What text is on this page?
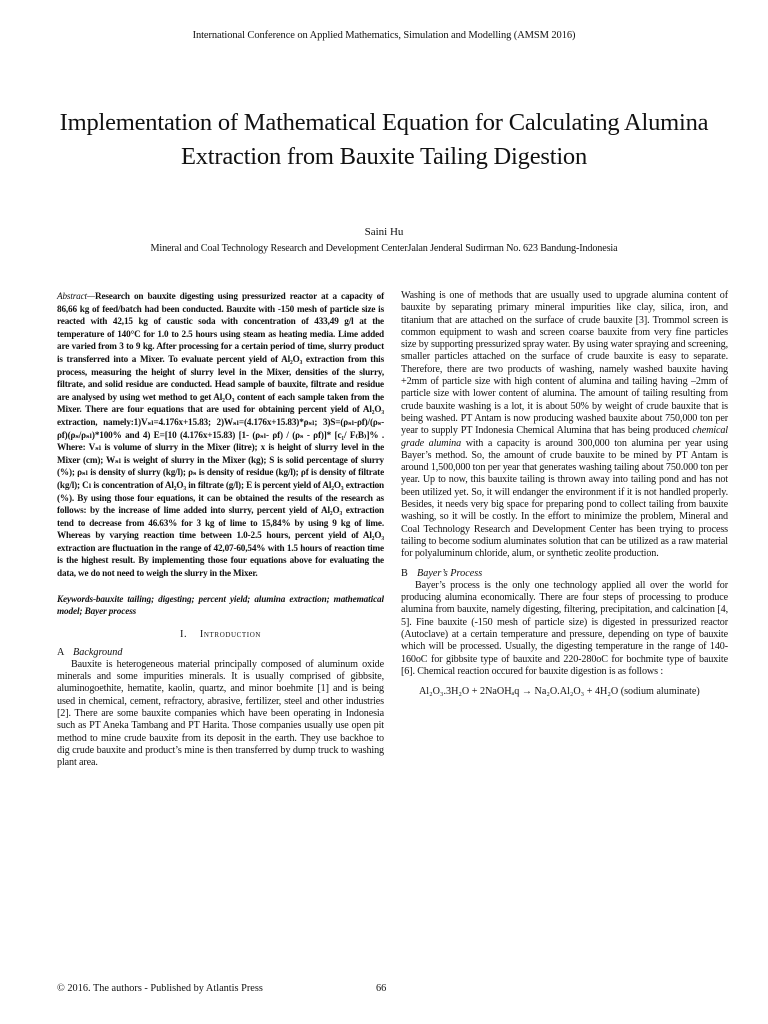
International Conference on Applied Mathematics, Simulation and Modelling (AMSM 2016)
Implementation of Mathematical Equation for Calculating Alumina Extraction from Bauxite Tailing Digestion
Saini Hu
Mineral and Coal Technology Research and Development CenterJalan Jenderal Sudirman No. 623 Bandung-Indonesia

Abstract—Research on bauxite digesting using pressurized reactor at a capacity of 86,66 kg of feed/batch had been conducted. Bauxite with -150 mesh of particle size is reacted with 42,15 kg of caustic soda with concentration of 433,49 g/l at the temperature of 140°C for 1.0 to 2.5 hours using steam as heating media. Lime added are varied from 3 to 9 kg. After processing for a certain period of time, slurry product is transferred into a Mixer. To evaluate percent yield of Al₂O₃ extraction from this process, measuring the height of slurry level in the Mixer, densities of the slurry, filtrate, and solid residue are conducted. Head sample of bauxite, filtrate and residue are analysed by using wet method to get Al₂O₃ content of each sample taken from the Mixer. There are four equations that are used for obtaining percent yield of Al₂O₃ extraction, namely:1)Vₛₗ=4.176x+15.83; 2)Wₛₗ=(4.176x+15.83)*ρₛₗ; 3)S=(ρₛₗ-ρf)/(ρₛ-ρf)(ρₛ/ρₛₗ)*100% and 4) E=[10 (4.176x+15.83) [1- (ρₛₗ- ρf) / (ρₛ - ρf)]* [c₁/ F₍B₎]% . Where: Vₛₗ is volume of slurry in the Mixer (litre); x is height of slurry level in the Mixer (cm); Wₛₗ is weight of slurry in the Mixer (kg); S is solid percentage of slurry (%); ρₛₗ is density of slurry (kg/l); ρₛ is density of residue (kg/l); ρf is density of filtrate (kg/l); Cₗ is concentration of Al₂O₃ in filtrate (g/l); E is percent yield of Al₂O₃ extraction (%). By using those four equations, it can be obtained the results of the research as follows: by the increase of lime added into slurry, percent yield of Al₂O₃ extraction tend to decrease from 46.63% for 3 kg of lime to 15,84% by using 9 kg of lime. Whereas by varying reaction time between 1.0-2.5 hours, percent yield of Al₂O₃ extraction are fluctuation in the range of 42,07-60,54% with 1.5 hours of reaction time is the highest result. By implementing those four equations above for evaluating the data, we do not need to weigh the slurry in the Mixer.

Keywords-bauxite tailing; digesting; percent yield; alumina extraction; mathematical model; Bayer process

I. Introduction
A Background

Bauxite is heterogeneous material principally composed of aluminum oxide minerals and some impurities minerals. It is usually comprised of gibbsite, aluminogoethite, hematite, kaolin, quartz, and minor boehmite [1] and is being used in chemical, cement, refractory, abrasive, fertilizer, steel and other industries [2]. There are some bauxite companies which have been operating in Indonesia such as PT Aneka Tambang and PT Harita. Those companies usually use open pit method to mine crude bauxite from its deposit in the earth. They use backhoe to dig crude bauxite and product’s mine is then transferred by dump truck to washing plant area.

Washing is one of methods that are usually used to upgrade alumina content of bauxite by separating primary mineral impurities like clay, silica, iron, and titanium that are attached on the surface of crude bauxite [3]. Trommol screen is common equipment to wash and screen coarse bauxite from very fine particles size by supporting pressurized spray water. By using water spraying and screening, smaller particles attached on the surface of crude bauxite is easy to separate. Therefore, there are two products of washing, namely washed bauxite having +2mm of particle size with high content of alumina and tailing having –2mm of particle size with lower content of alumina. The amount of tailing resulting from crude bauxite washing is a lot, it is about 50% by weight of crude bauxite that is being washed. PT Antam is now producing washed bauxite about 750,000 ton per year to supply PT Indonesia Chemical Alumina that has being produced chemical grade alumina with a capacity is around 300,000 ton alumina per year using Bayer’s method. So, the amount of crude bauxite to be mined by PT Antam is around 1,500,000 ton per year that generates washing tailing about 750.000 ton per year. Up to now, this bauxite tailing is thrown away into tailing pond and has not been utilized yet. So, it will endanger the environment if it is not handled properly. Besides, it needs very big space for preparing pond to collect tailing from bauxite washing, so it will be costly. In the effort to minimize the problem, Mineral and Coal Technology Research and Development Center has been trying to process tailing to become sodium aluminates solution that can be utilized as a raw material for polyaluminum chloride, alum, or synthetic zeolite production.

B Bayer’s Process

Bayer’s process is the only one technology applied all over the world for producing alumina economically. There are four steps of processing to produce alumina from bauxite, namely digesting, filtering, precipitation, and calcination [4, 5]. Fine bauxite (-150 mesh of particle size) is digested in pressurized reactor (Autoclave) at a certain temperature and pressure, depending on type of bauxite which will be processed. Usually, the digesting temperature in the range of 140-160oC for gibbsite type of bauxite and 220-280oC for bochmite type of bauxite [6]. Chemical reaction occured for bauxite digestion is as follows :

Al₂O₃.3H₂O + 2NaOHₐq → Na₂O.Al₂O₃ + 4H₂O (sodium aluminate)

© 2016. The authors - Published by Atlantis Press	66
